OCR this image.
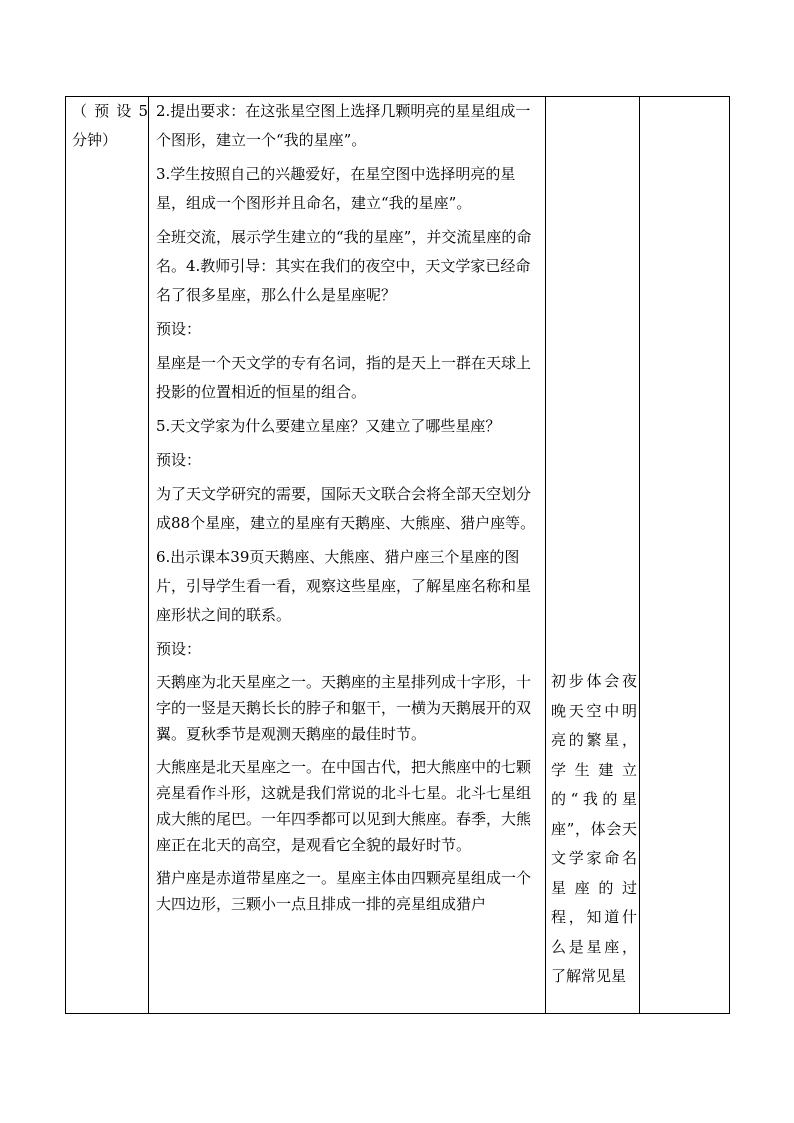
（预设5
分钟）

2.提出要求：在这张星空图上选择几颗明亮的星星组成一个图形，建立一个“我的星座”。

3.学生按照自己的兴趣爱好，在星空图中选择明亮的星星，组成一个图形并且命名，建立“我的星座”。

全班交流，展示学生建立的“我的星座”，并交流星座的命名。4.教师引导：其实在我们的夜空中，天文学家已经命名了很多星座，那么什么是星座呢？

预设：

星座是一个天文学的专有名词，指的是天上一群在天球上投影的位置相近的恒星的组合。

5.天文学家为什么要建立星座？又建立了哪些星座？

预设：

为了天文学研究的需要，国际天文联合会将全部天空划分成88个星座，建立的星座有天鹅座、大熊座、猎户座等。

6.出示课本39页天鹅座、大熊座、猎户座三个星座的图片，引导学生看一看，观察这些星座，了解星座名称和星座形状之间的联系。

预设：

天鹅座为北天星座之一。天鹅座的主星排列成十字形，十字的一竖是天鹅长长的脖子和躯干，一横为天鹅展开的双翼。夏秋季节是观测天鹅座的最佳时节。

大熊座是北天星座之一。在中国古代，把大熊座中的七颗亮星看作斗形，这就是我们常说的北斗七星。北斗七星组成大熊的尾巴。一年四季都可以见到大熊座。春季，大熊座正在北天的高空，是观看它全貌的最好时节。

猎户座是赤道带星座之一。星座主体由四颗亮星组成一个大四边形，三颗小一点且排成一排的亮星组成猎户

初步体会夜晚天空中明亮的繁星，学生建立的“我的星座”，体会天文学家命名星座的过程，知道什么是星座，了解常见星
